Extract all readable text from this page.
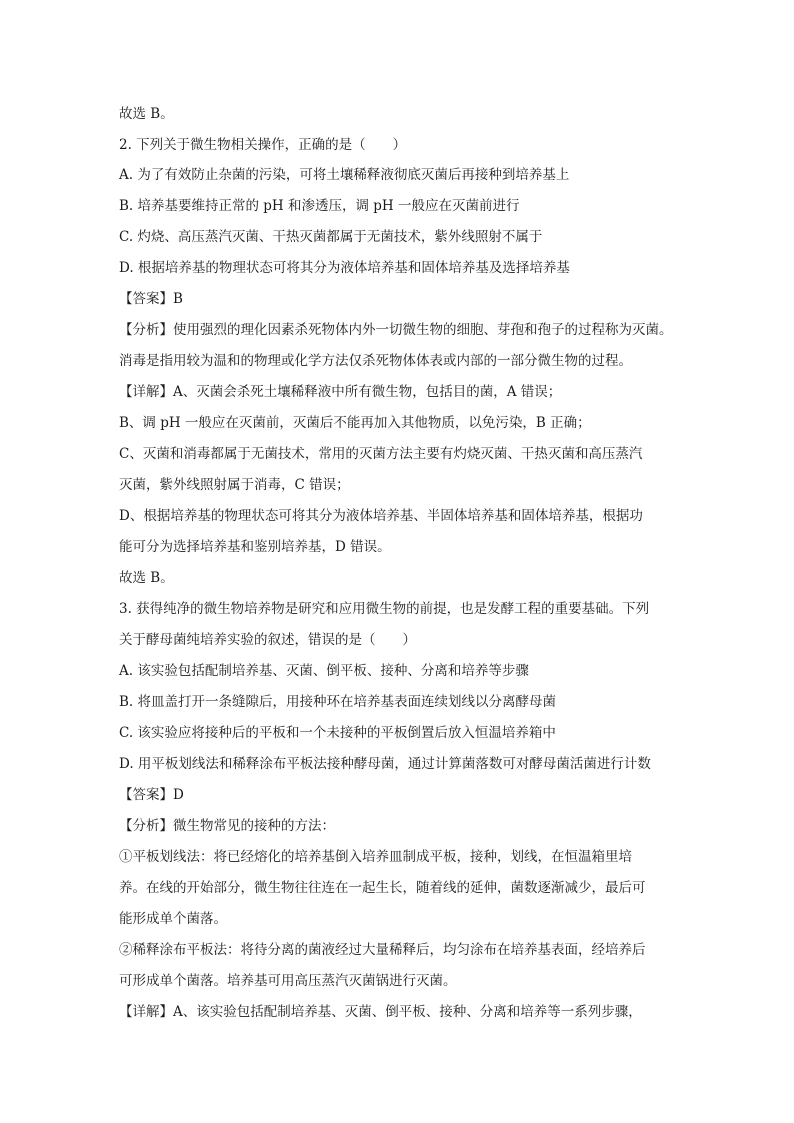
故选 B。
2. 下列关于微生物相关操作，正确的是（　　）
A. 为了有效防止杂菌的污染，可将土壤稀释液彻底灭菌后再接种到培养基上
B. 培养基要维持正常的 pH 和渗透压，调 pH 一般应在灭菌前进行
C. 灼烧、高压蒸汽灭菌、干热灭菌都属于无菌技术，紫外线照射不属于
D. 根据培养基的物理状态可将其分为液体培养基和固体培养基及选择培养基
【答案】B
【分析】使用强烈的理化因素杀死物体内外一切微生物的细胞、芽孢和孢子的过程称为灭菌。
消毒是指用较为温和的物理或化学方法仅杀死物体体表或内部的一部分微生物的过程。
【详解】A、灭菌会杀死土壤稀释液中所有微生物，包括目的菌，A 错误；
B、调 pH 一般应在灭菌前，灭菌后不能再加入其他物质，以免污染，B 正确；
C、灭菌和消毒都属于无菌技术，常用的灭菌方法主要有灼烧灭菌、干热灭菌和高压蒸汽
灭菌，紫外线照射属于消毒，C 错误；
D、根据培养基的物理状态可将其分为液体培养基、半固体培养基和固体培养基，根据功
能可分为选择培养基和鉴别培养基，D 错误。
故选 B。
3. 获得纯净的微生物培养物是研究和应用微生物的前提，也是发酵工程的重要基础。下列
关于酵母菌纯培养实验的叙述，错误的是（　　）
A. 该实验包括配制培养基、灭菌、倒平板、接种、分离和培养等步骤
B. 将皿盖打开一条缝隙后，用接种环在培养基表面连续划线以分离酵母菌
C. 该实验应将接种后的平板和一个未接种的平板倒置后放入恒温培养箱中
D. 用平板划线法和稀释涂布平板法接种酵母菌，通过计算菌落数可对酵母菌活菌进行计数
【答案】D
【分析】微生物常见的接种的方法：
①平板划线法：将已经熔化的培养基倒入培养皿制成平板，接种，划线，在恒温箱里培
养。在线的开始部分，微生物往往连在一起生长，随着线的延伸，菌数逐渐减少，最后可
能形成单个菌落。
②稀释涂布平板法：将待分离的菌液经过大量稀释后，均匀涂布在培养基表面，经培养后
可形成单个菌落。培养基可用高压蒸汽灭菌锅进行灭菌。
【详解】A、该实验包括配制培养基、灭菌、倒平板、接种、分离和培养等一系列步骤，
